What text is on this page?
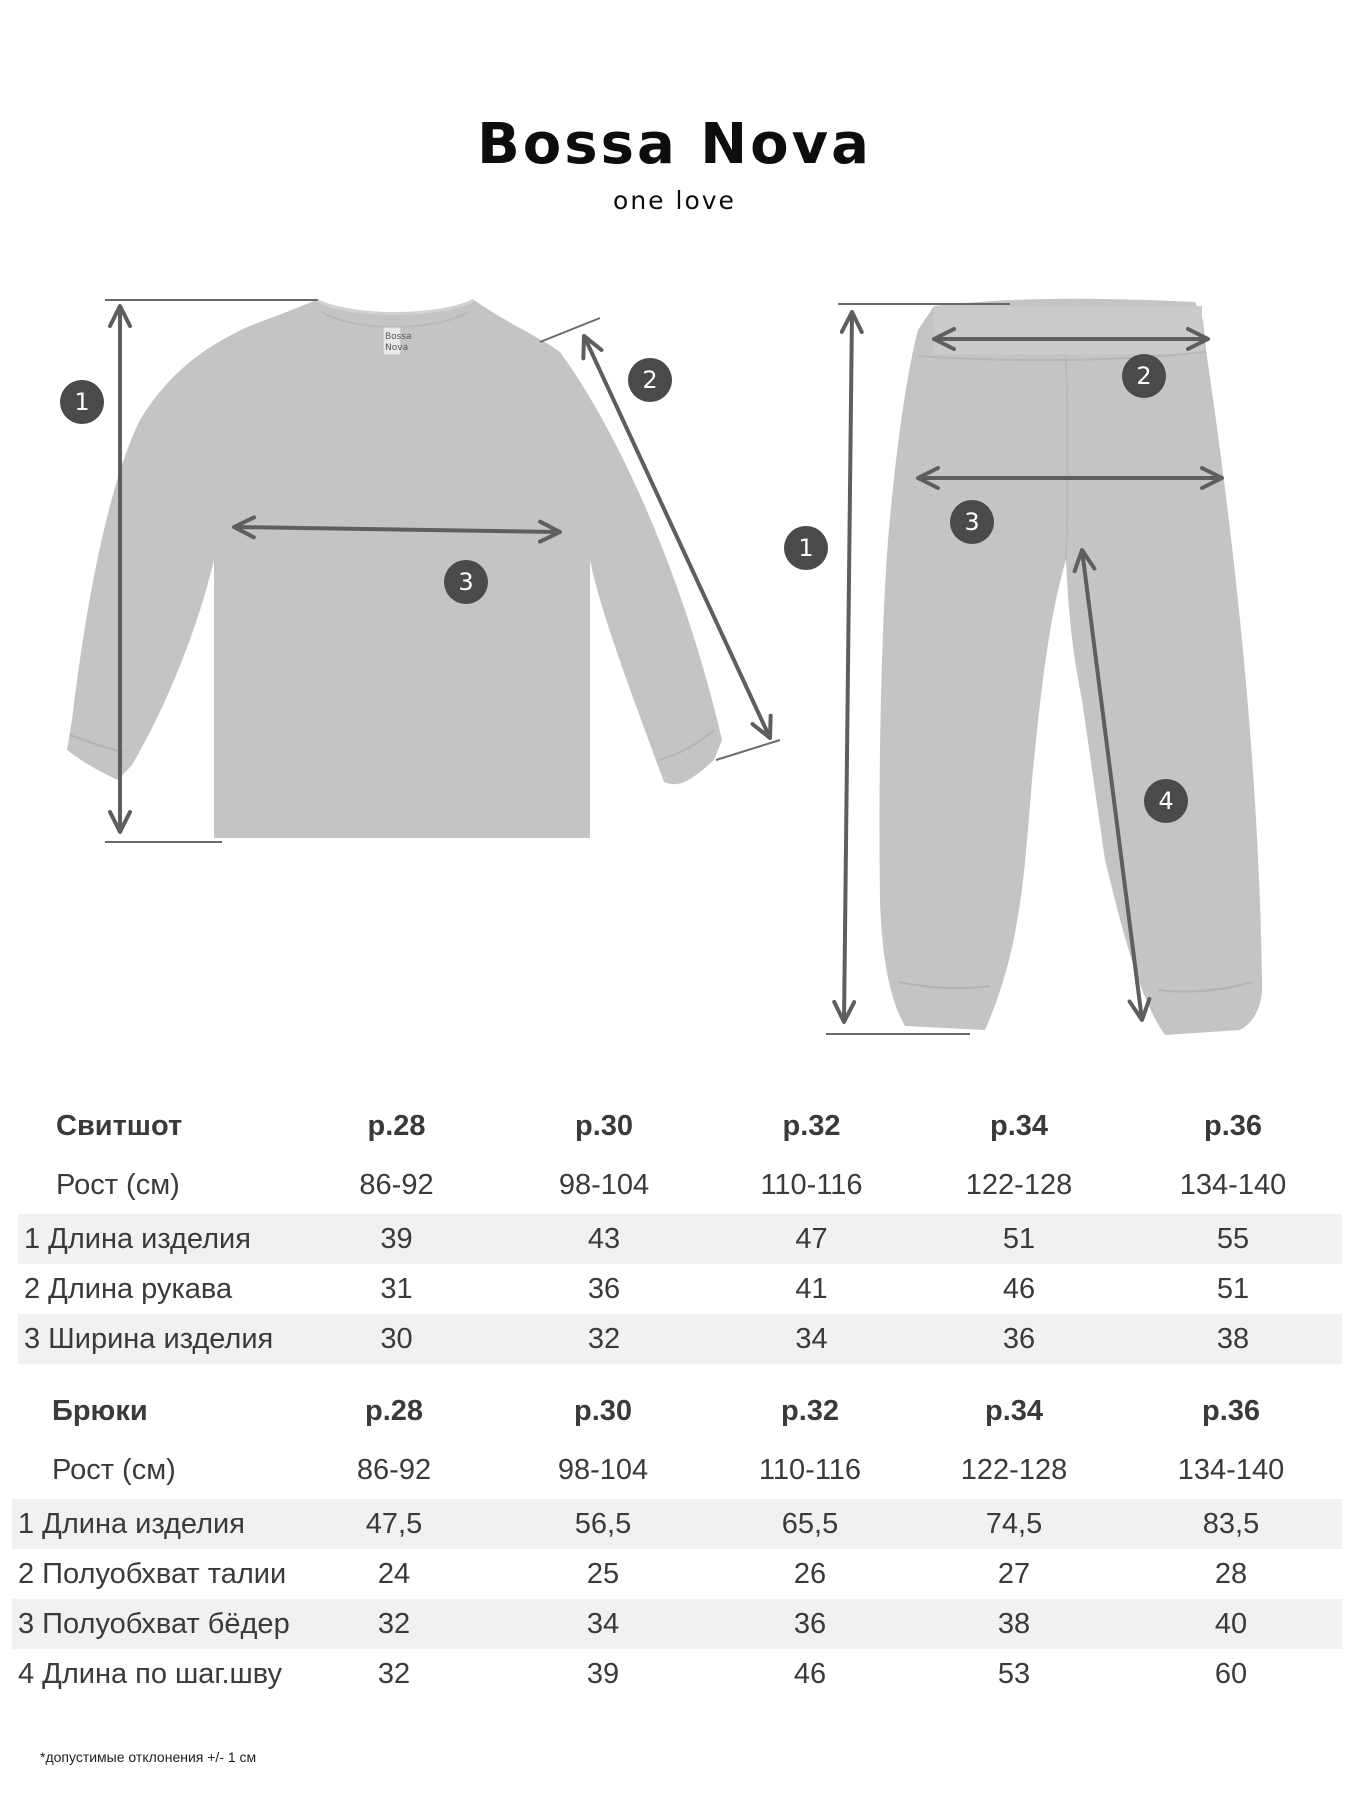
Bossa Nova
one love
Bossa
Nova
1
2
3
1
2
3
4
Свитшот	р.28	р.30	р.32	р.34	р.36
Рост (см)	86-92	98-104	110-116	122-128	134-140
1 Длина изделия	39	43	47	51	55
2 Длина рукава	31	36	41	46	51
3 Ширина изделия	30	32	34	36	38
Брюки	р.28	р.30	р.32	р.34	р.36
Рост (см)	86-92	98-104	110-116	122-128	134-140
1 Длина изделия	47,5	56,5	65,5	74,5	83,5
2 Полуобхват талии	24	25	26	27	28
3 Полуобхват бёдер	32	34	36	38	40
4 Длина по шаг.шву	32	39	46	53	60
*допустимые отклонения +/- 1 см
